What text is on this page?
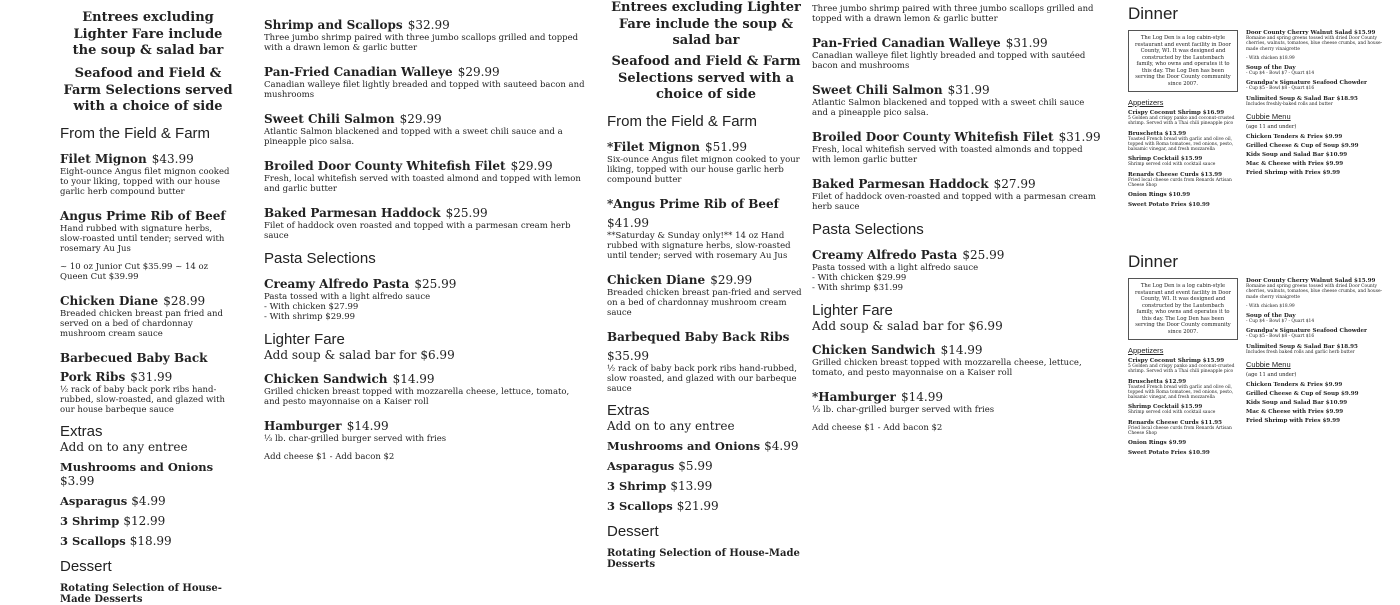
Entrees excluding Lighter Fare include the soup & salad bar
Seafood and Field & Farm Selections served with a choice of side
From the Field & Farm
Filet Mignon $43.99
Eight-ounce Angus filet mignon cooked to your liking, topped with our house garlic herb compound butter
Angus Prime Rib of Beef
Hand rubbed with signature herbs, slow-roasted until tender; served with rosemary Au Jus
~ 10 oz Junior Cut $35.99 ~ 14 oz Queen Cut $39.99
Chicken Diane $28.99
Breaded chicken breast pan fried and served on a bed of chardonnay mushroom cream sauce
Barbecued Baby Back Pork Ribs $31.99
½ rack of baby back pork ribs hand-rubbed, slow-roasted, and glazed with our house barbeque sauce
Extras
Add on to any entree
Mushrooms and Onions $3.99
Asparagus $4.99
3 Shrimp $12.99
3 Scallops $18.99
Dessert
Rotating Selection of House-Made Desserts
Shrimp and Scallops $32.99
Three jumbo shrimp paired with three jumbo scallops grilled and topped with a drawn lemon & garlic butter
Pan-Fried Canadian Walleye $29.99
Canadian walleye filet lightly breaded and topped with sauteed bacon and mushrooms
Sweet Chili Salmon $29.99
Atlantic Salmon blackened and topped with a sweet chili sauce and a pineapple pico salsa.
Broiled Door County Whitefish Filet $29.99
Fresh, local whitefish served with toasted almond and topped with lemon and garlic butter
Baked Parmesan Haddock $25.99
Filet of haddock oven roasted and topped with a parmesan cream herb sauce
Pasta Selections
Creamy Alfredo Pasta $25.99
Pasta tossed with a light alfredo sauce
- With chicken $27.99
- With shrimp $29.99
Lighter Fare
Add soup & salad bar for $6.99
Chicken Sandwich $14.99
Grilled chicken breast topped with mozzarella cheese, lettuce, tomato, and pesto mayonnaise on a Kaiser roll
Hamburger $14.99
⅓ lb. char-grilled burger served with fries
Add cheese $1 - Add bacon $2
Entrees excluding Lighter Fare include the soup & salad bar
Seafood and Field & Farm Selections served with a choice of side
From the Field & Farm
*Filet Mignon $51.99
Six-ounce Angus filet mignon cooked to your liking, topped with our house garlic herb compound butter
*Angus Prime Rib of Beef $41.99
**Saturday & Sunday only!** 14 oz Hand rubbed with signature herbs, slow-roasted until tender; served with rosemary Au Jus
Chicken Diane $29.99
Breaded chicken breast pan-fried and served on a bed of chardonnay mushroom cream sauce
Barbequed Baby Back Ribs $35.99
½ rack of baby back pork ribs hand-rubbed, slow roasted, and glazed with our barbeque sauce
Extras
Add on to any entree
Mushrooms and Onions $4.99
Asparagus $5.99
3 Shrimp $13.99
3 Scallops $21.99
Dessert
Rotating Selection of House-Made Desserts
Three jumbo shrimp paired with three jumbo scallops grilled and topped with a drawn lemon & garlic butter
Pan-Fried Canadian Walleye $31.99
Canadian walleye filet lightly breaded and topped with sautéed bacon and mushrooms
Sweet Chili Salmon $31.99
Atlantic Salmon blackened and topped with a sweet chili sauce and a pineapple pico salsa.
Broiled Door County Whitefish Filet $31.99
Fresh, local whitefish served with toasted almonds and topped with lemon garlic butter
Baked Parmesan Haddock $27.99
Filet of haddock oven-roasted and topped with a parmesan cream herb sauce
Pasta Selections
Creamy Alfredo Pasta $25.99
Pasta tossed with a light alfredo sauce
- With chicken $29.99
- With shrimp $31.99
Lighter Fare
Add soup & salad bar for $6.99
Chicken Sandwich $14.99
Grilled chicken breast topped with mozzarella cheese, lettuce, tomato, and pesto mayonnaise on a Kaiser roll
*Hamburger $14.99
⅓ lb. char-grilled burger served with fries
Add cheese $1 - Add bacon $2
Dinner
The Log Den is a log cabin-style restaurant and event facility in Door County, WI. It was designed and constructed by the Lautenbach family, who owns and operates it to this day. The Log Den has been serving the Door County community since 2007.
Appetizers
Crispy Coconut Shrimp $16.99
5 Golden and crispy panko and coconut-crusted shrimp. Served with a Thai chili pineapple pico
Bruschetta $13.99
Toasted French bread with garlic and olive oil, topped with Roma tomatoes, red onions, pesto, balsamic vinegar, and fresh mozzarella
Shrimp Cocktail $15.99
Shrimp served cold with cocktail sauce
Renards Cheese Curds $13.99
Fried local cheese curds from Renards Artisan Cheese Shop
Onion Rings $10.99
Sweet Potato Fries $10.99
Door County Cherry Walnut Salad $15.99
Romaine and spring greens tossed with dried Door County cherries, walnuts, tomatoes, blue cheese crumbs, and house-made cherry vinaigrette
- With chicken $18.99
Soup of the Day
- Cup $4 - Bowl $7 - Quart $14
Grandpa's Signature Seafood Chowder
- Cup $5 - Bowl $8 - Quart $16
Unlimited Soup & Salad Bar $18.95
Includes freshly-baked rolls and butter
Cubbie Menu
(age 11 and under)
Chicken Tenders & Fries $9.99
Grilled Cheese & Cup of Soup $9.99
Kids Soup and Salad Bar $10.99
Mac & Cheese with Fries $9.99
Fried Shrimp with Fries $9.99
Dinner
The Log Den is a log cabin-style restaurant and event facility in Door County, WI. It was designed and constructed by the Lautenbach family, who owns and operates it to this day. The Log Den has been serving the Door County community since 2007.
Appetizers
Crispy Coconut Shrimp $15.99
5 Golden and crispy panko and coconut-crusted shrimp. Served with a Thai chili pineapple pico
Bruschetta $12.99
Toasted French bread with garlic and olive oil, topped with Roma tomatoes, red onions, pesto, balsamic vinegar, and fresh mozzarella
Shrimp Cocktail $15.99
Shrimp served cold with cocktail sauce
Renards Cheese Curds $11.95
Fried local cheese curds from Renards Artisan Cheese Shop
Onion Rings $9.99
Sweet Potato Fries $10.99
Door County Cherry Walnut Salad $15.99
Romaine and spring greens tossed with dried Door County cherries, walnuts, tomatoes, blue cheese crumbs, and house-made cherry vinaigrette
- With chicken $18.99
Soup of the Day
- Cup $4 - Bowl $7 - Quart $14
Grandpa's Signature Seafood Chowder
- Cup $5 - Bowl $8 - Quart $16
Unlimited Soup & Salad Bar $18.95
Includes fresh baked rolls and garlic herb butter
Cubbie Menu
(age 11 and under)
Chicken Tenders & Fries $9.99
Grilled Cheese & Cup of Soup $9.99
Kids Soup and Salad Bar $10.99
Mac & Cheese with Fries $9.99
Fried Shrimp with Fries $9.99
